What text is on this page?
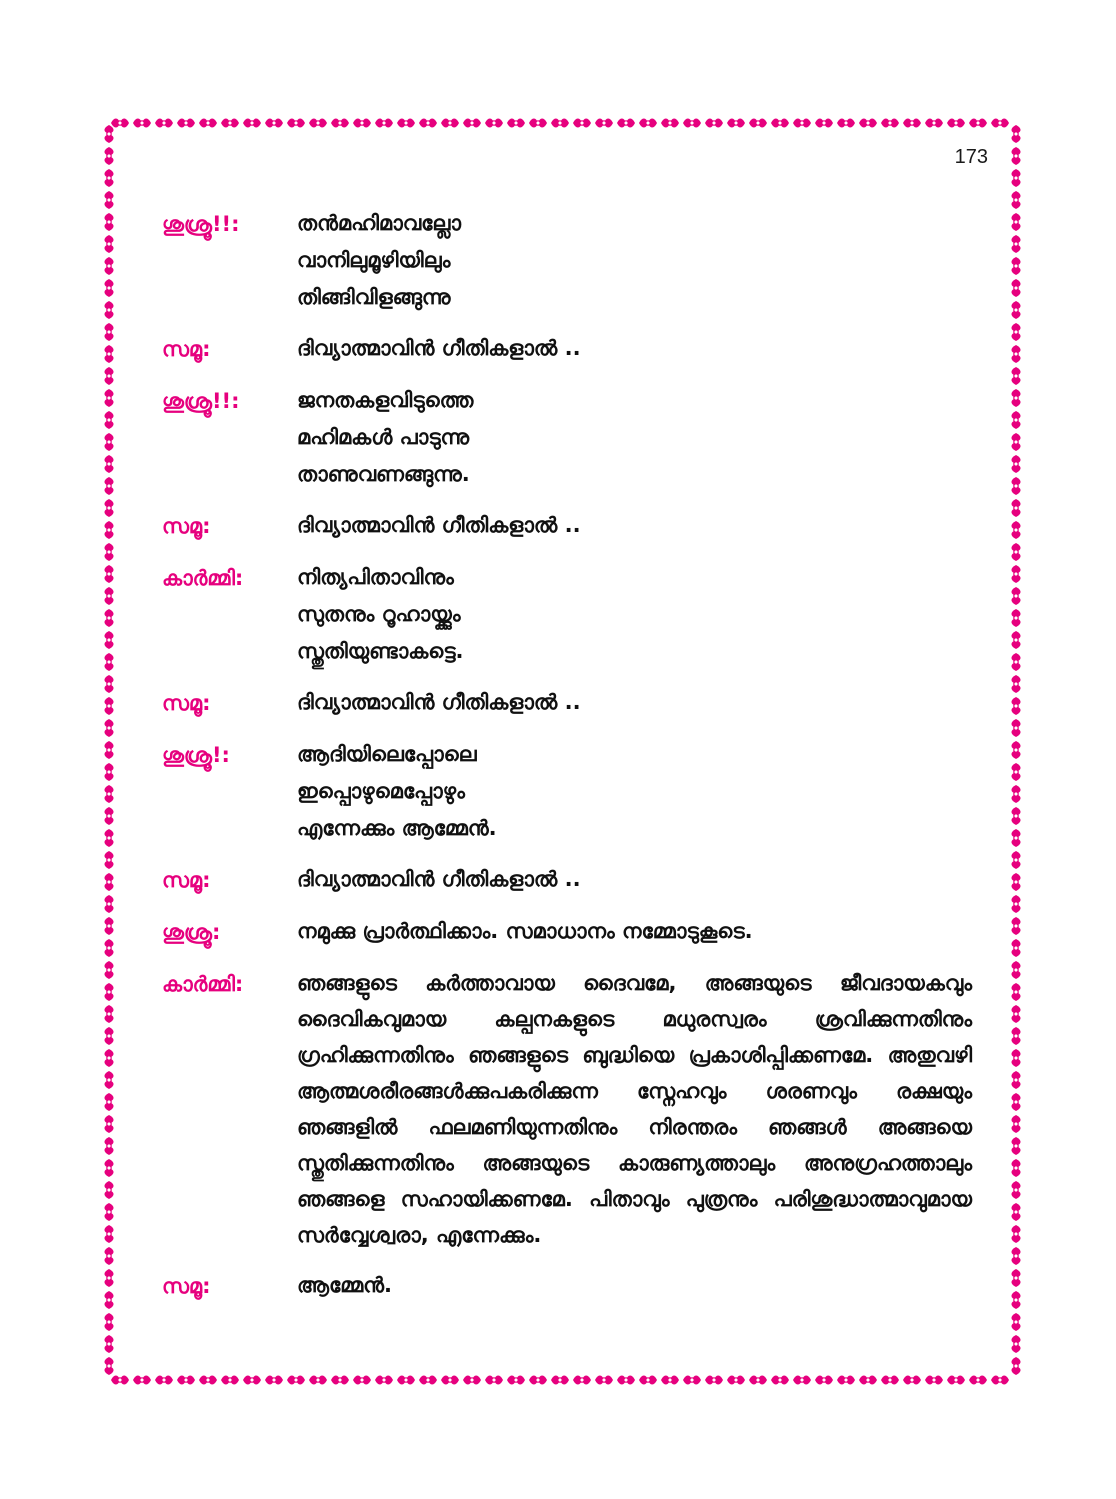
173
ശുശ്രൂ!!:	തൻമഹിമാവല്ലോ
വാനിലുമൂഴിയിലും
തിങ്ങിവിളങ്ങുന്നു
സമൂ:	ദിവ്യാത്മാവിൻ ഗീതികളാൽ ..
ശുശ്രൂ!!:	ജനതകളവിടുത്തെ
മഹിമകൾ പാടുന്നു
താണുവണങ്ങുന്നു.
സമൂ:	ദിവ്യാത്മാവിൻ ഗീതികളാൽ ..
കാർമ്മി:	നിത്യപിതാവിനും
സുതനും റൂഹായ്ക്കും
സ്തുതിയുണ്ടാകട്ടെ.
സമൂ:	ദിവ്യാത്മാവിൻ ഗീതികളാൽ ..
ശുശ്രൂ!:	ആദിയിലെപ്പോലെ
ഇപ്പൊഴുമെപ്പോഴും
എന്നേക്കും ആമ്മേൻ.
സമൂ:	ദിവ്യാത്മാവിൻ ഗീതികളാൽ ..
ശുശ്രൂ:	നമുക്കു പ്രാർത്ഥിക്കാം. സമാധാനം നമ്മോടുകൂടെ.
കാർമ്മി:	ഞങ്ങളുടെ കർത്താവായ ദൈവമേ, അങ്ങയുടെ ജീവദായകവും ദൈവികവുമായ കല്പനകളുടെ മധുരസ്വരം ശ്രവിക്കുന്നതിനും ഗ്രഹിക്കുന്നതിനും ഞങ്ങളുടെ ബുദ്ധിയെ പ്രകാശിപ്പിക്കണമേ. അതുവഴി ആത്മശരീരങ്ങൾക്കുപകരിക്കുന്ന സ്നേഹവും ശരണവും രക്ഷയും ഞങ്ങളിൽ ഫലമണിയുന്നതിനും നിരന്തരം ഞങ്ങൾ അങ്ങയെ സ്തുതിക്കുന്നതിനും അങ്ങയുടെ കാരുണ്യത്താലും അനുഗ്രഹത്താലും ഞങ്ങളെ സഹായിക്കണമേ. പിതാവും പുത്രനും പരിശുദ്ധാത്മാവുമായ സർവ്വേശ്വരാ, എന്നേക്കും.
സമൂ:	ആമ്മേൻ.
